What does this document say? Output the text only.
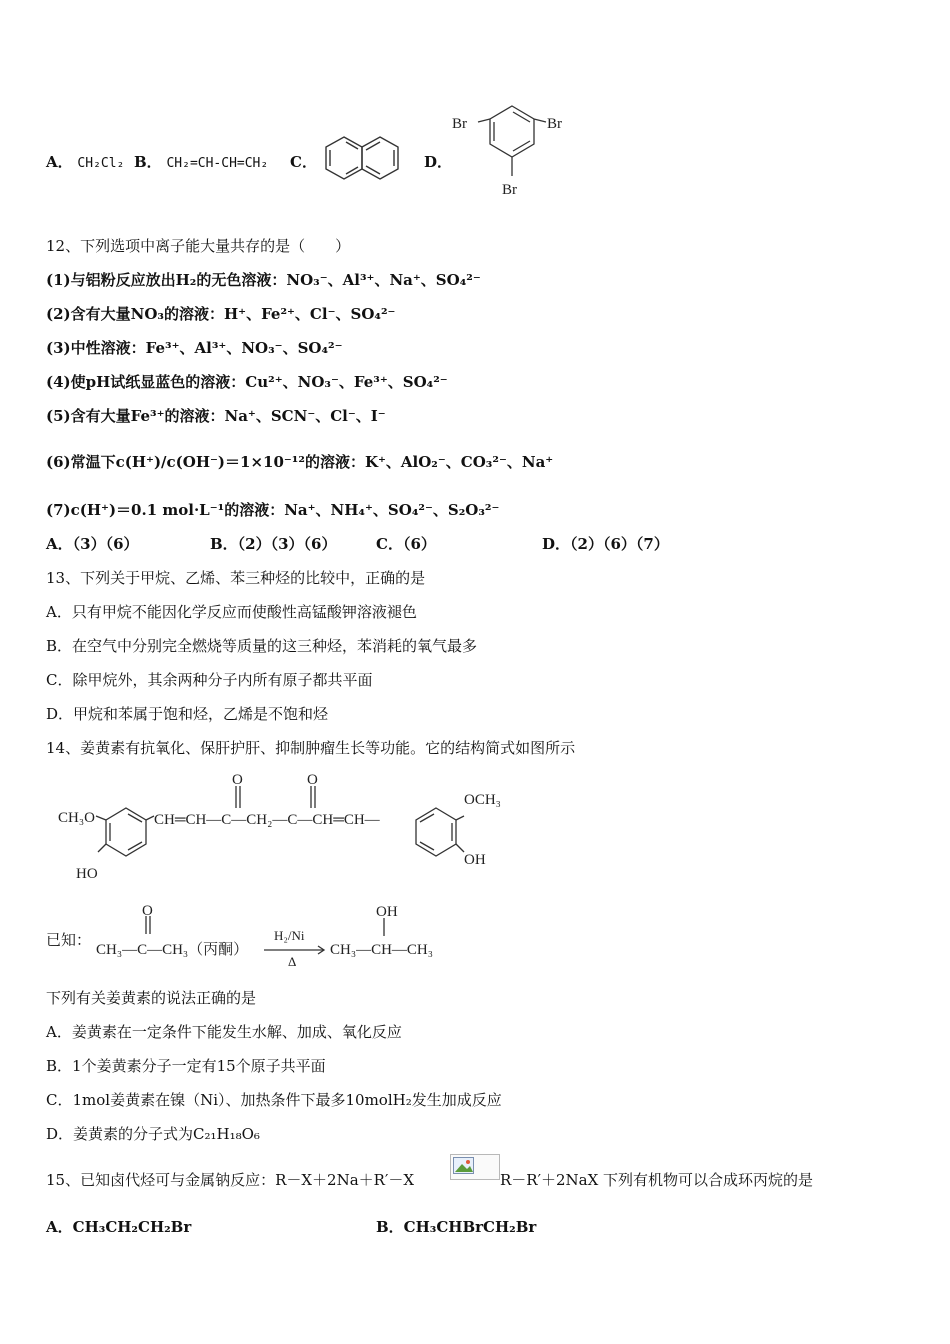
A． CH₂Cl₂ B． CH₂=CH-CH=CH₂ C．	D．
Br	Br
Br
12、下列选项中离子能大量共存的是（　　）
(1)与铝粉反应放出H₂的无色溶液：NO₃⁻、Al³⁺、Na⁺、SO₄²⁻
(2)含有大量NO₃的溶液：H⁺、Fe²⁺、Cl⁻、SO₄²⁻
(3)中性溶液：Fe³⁺、Al³⁺、NO₃⁻、SO₄²⁻
(4)使pH试纸显蓝色的溶液：Cu²⁺、NO₃⁻、Fe³⁺、SO₄²⁻
(5)含有大量Fe³⁺的溶液：Na⁺、SCN⁻、Cl⁻、I⁻
(6)常温下c(H⁺)/c(OH⁻)＝1×10⁻¹²的溶液：K⁺、AlO₂⁻、CO₃²⁻、Na⁺
(7)c(H⁺)＝0.1 mol·L⁻¹的溶液：Na⁺、NH₄⁺、SO₄²⁻、S₂O₃²⁻
A．（3）（6）	B．（2）（3）（6）	C．（6）	D．（2）（6）（7）
13、下列关于甲烷、乙烯、苯三种烃的比较中，正确的是
A．只有甲烷不能因化学反应而使酸性高锰酸钾溶液褪色
B．在空气中分别完全燃烧等质量的这三种烃，苯消耗的氧气最多
C．除甲烷外，其余两种分子内所有原子都共平面
D．甲烷和苯属于饱和烃，乙烯是不饱和烃
14、姜黄素有抗氧化、保肝护肝、抑制肿瘤生长等功能。它的结构简式如图所示
CH₃O
HO
CH═CH—C—CH₂—C—CH═CH—
O	O
OCH₃
OH
已知：
O
CH₃—C—CH₃（丙酮）
H₂/Ni
Δ
OH
CH₃—CH—CH₃
下列有关姜黄素的说法正确的是
A．姜黄素在一定条件下能发生水解、加成、氧化反应
B．1个姜黄素分子一定有15个原子共平面
C．1mol姜黄素在镍（Ni）、加热条件下最多10molH₂发生加成反应
D．姜黄素的分子式为C₂₁H₁₈O₆
15、已知卤代烃可与金属钠反应：R－X＋2Na＋R′－X	R－R′＋2NaX 下列有机物可以合成环丙烷的是
A．CH₃CH₂CH₂Br	B．CH₃CHBrCH₂Br
